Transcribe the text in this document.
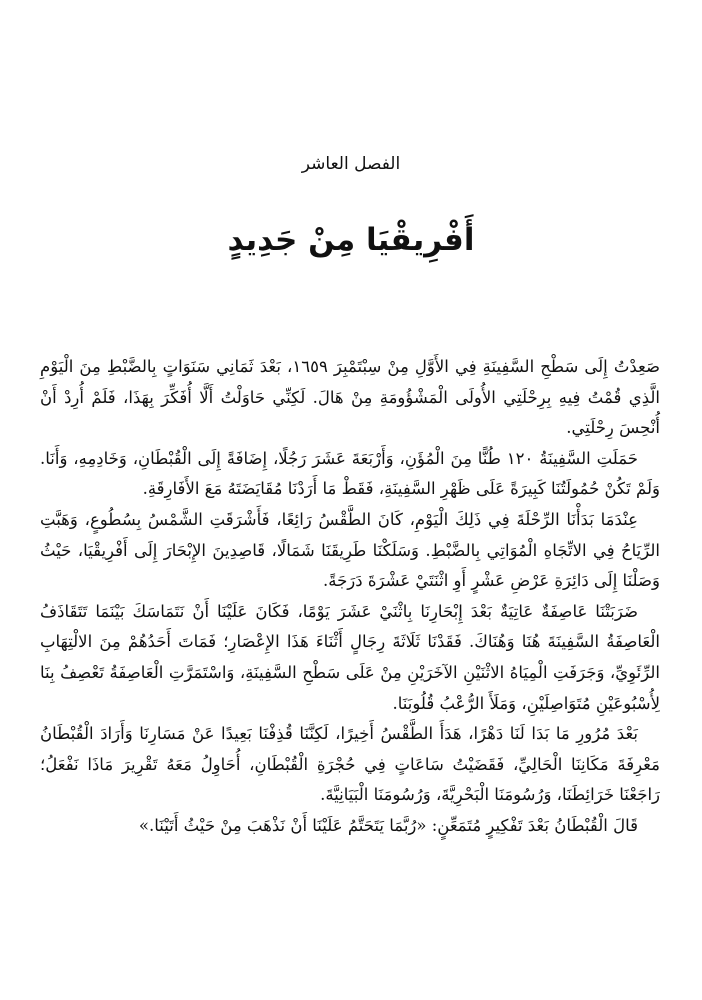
الفصل العاشر
أَفْرِيقْيَا مِنْ جَدِيدٍ

صَعِدْتُ إِلَى سَطْحِ السَّفِينَةِ فِي الأَوَّلِ مِنْ سِبْتَمْبِرَ ١٦٥٩، بَعْدَ ثَمَانِي سَنَوَاتٍ بِالضَّبْطِ مِنَ الْيَوْمِ الَّذِي قُمْتُ فِيهِ بِرِحْلَتِي الأُولَى الْمَشْؤُومَةِ مِنْ هَالَ. لَكِنِّي حَاوَلْتُ أَلَّا أُفَكِّرَ بِهَذَا، فَلَمْ أُرِدْ أَنْ أُنْحِسَ رِحْلَتِي.

حَمَلَتِ السَّفِينَةُ ١٢٠ طُنًّا مِنَ الْمُؤَنِ، وَأَرْبَعَةَ عَشَرَ رَجُلًا، إِضَافَةً إِلَى الْقُبْطَانِ، وَخَادِمِهِ، وَأَنَا. وَلَمْ تَكُنْ حُمُولَتُنَا كَبِيرَةً عَلَى ظَهْرِ السَّفِينَةِ، فَقَطْ مَا أَرَدْنَا مُقَايَضَتَهُ مَعَ الأَفَارِقَةِ.

عِنْدَمَا بَدَأْنَا الرِّحْلَةَ فِي ذَلِكَ الْيَوْمِ، كَانَ الطَّقْسُ رَائِعًا، فَأَشْرَقَتِ الشَّمْسُ بِسُطُوعٍ، وَهَبَّتِ الرِّيَاحُ فِي الاتِّجَاهِ الْمُوَاتِي بِالضَّبْطِ. وَسَلَكْنَا طَرِيقَنَا شَمَالًا، قَاصِدِينَ الإِبْحَارَ إِلَى أَفْرِيقْيَا، حَيْثُ وَصَلْنَا إِلَى دَائِرَةِ عَرْضِ عَشْرٍ أَوِ اثْنَتَيْ عَشْرَةَ دَرَجَةً.

ضَرَبَتْنَا عَاصِفَةٌ عَاتِيَةٌ بَعْدَ إِبْحَارِنَا بِاثْنَيْ عَشَرَ يَوْمًا، فَكَانَ عَلَيْنَا أَنْ نَتَمَاسَكَ بَيْنَمَا تَتَقَاذَفُ الْعَاصِفَةُ السَّفِينَةَ هُنَا وَهُنَاكَ. فَقَدْنَا ثَلَاثَةَ رِجَالٍ أَثْنَاءَ هَذَا الإِعْصَارِ؛ فَمَاتَ أَحَدُهُمْ مِنَ الالْتِهَابِ الرِّئَوِيِّ، وَجَرَفَتِ الْمِيَاهُ الاثْنَيْنِ الآخَرَيْنِ مِنْ عَلَى سَطْحِ السَّفِينَةِ، وَاسْتَمَرَّتِ الْعَاصِفَةُ تَعْصِفُ بِنَا لِأُسْبُوعَيْنِ مُتَوَاصِلَيْنِ، وَمَلَأَ الرُّعْبُ قُلُوبَنَا.

بَعْدَ مُرُورِ مَا بَدَا لَنَا دَهْرًا، هَدَأَ الطَّقْسُ أَخِيرًا، لَكِنَّنَا قُذِفْنَا بَعِيدًا عَنْ مَسَارِنَا وَأَرَادَ الْقُبْطَانُ مَعْرِفَةَ مَكَانِنَا الْحَالِيِّ، فَقَضَيْتُ سَاعَاتٍ فِي حُجْرَةِ الْقُبْطَانِ، أُحَاوِلُ مَعَهُ تَقْرِيرَ مَاذَا نَفْعَلُ؛ رَاجَعْنَا خَرَائِطَنَا، وَرُسُومَنَا الْبَحْرِيَّةَ، وَرُسُومَنَا الْبَيَانِيَّةَ.

قَالَ الْقُبْطَانُ بَعْدَ تَفْكِيرٍ مُتَمَعِّنٍ: «رُبَّمَا يَتَحَتَّمُ عَلَيْنَا أَنْ نَذْهَبَ مِنْ حَيْثُ أَتَيْنَا.»
